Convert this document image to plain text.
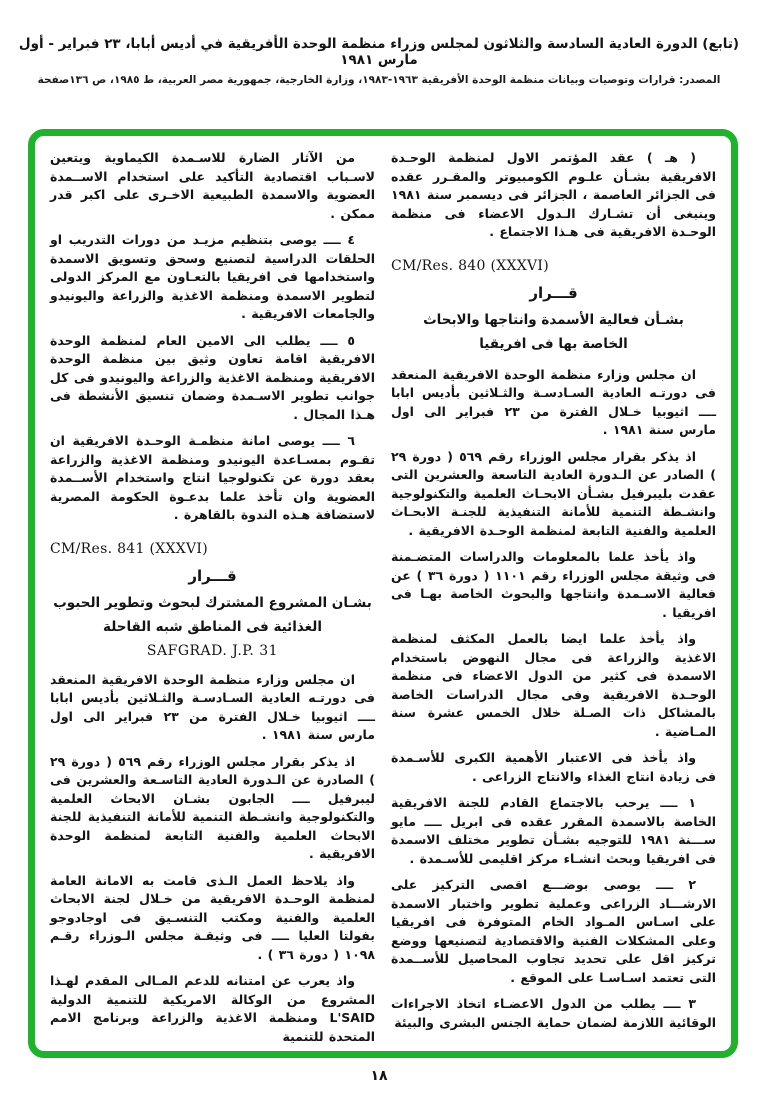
(تابع) الدورة العادية السادسة والثلاثون لمجلس وزراء منظمة الوحدة الأفريقية في أديس أبابا، ٢٣ فبراير - أول مارس ١٩٨١
المصدر: قرارات وتوصيات وبيانات منظمة الوحدة الأفريقية ١٩٦٣-١٩٨٣، وزارة الخارجية، جمهورية مصر العربية، ط ١٩٨٥، ص ١٣٦صفحة

( هـ ) عقد المؤتمر الاول لمنظمة الوحـدة الافريقية بشـأن علـوم الكومبيوتر والمقـرر عقده فى الجزائر العاصمة ، الجزائر فى ديسمبر سنة ١٩٨١ وينبغى أن تشـارك الـدول الاعضاء فى منظمة الوحـدة الافريقية فى هـذا الاجتماع .

CM/Res. 840 (XXXVI)
قـــرار
بشـأن فعالية الأسمدة وانتاجها والابحاث
الخاصة بها فى افريقيا

ان مجلس وزارء منظمة الوحدة الافريقية المنعقد فى دورتـه العادية السـادسـة والثـلاثين بأديس ابابا ــــ اثيوبيا خـلال الفترة من ٢٣ فبراير الى اول مارس سنة ١٩٨١ .

اذ يذكر بقرار مجلس الوزراء رقم ٥٦٩ ( دورة ٢٩ ) الصادر عن الـدورة العادية التاسعة والعشرين التى عقدت بليبرفيل بشـأن الابحـاث العلمية والتكنولوجية وانشـطة التنمية للأمانة التنفيذية للجنـة الابحـاث العلمية والفنية التابعة لمنظمة الوحـدة الافريقية .

واذ يأخذ علما بالمعلومات والدراسات المتضـمنة فى وثيقة مجلس الوزراء رقم ١١٠١ ( دورة ٣٦ ) عن فعالية الاسـمدة وانتاجها والبحوث الخاصة بهـا فى افريقيا .

واذ يأخذ علما ايضا بالعمل المكثف لمنظمة الاغذية والزراعة فى مجال النهوض باستخدام الاسمدة فى كثير من الدول الاعضاء فى منظمة الوحـدة الافريقية وفى مجال الدراسات الخاصة بالمشاكل ذات الصـلة خلال الخمس عشرة سنة المـاضية .

واذ يأخذ فى الاعتبار الأهمية الكبرى للأسـمدة فى زيادة انتاج الغذاء والانتاج الزراعى .

١ ــــ يرحب بالاجتماع القادم للجنة الافريقية الخاصة بالاسمدة المقرر عقده فى ابريل ــــ مايو ســـنة ١٩٨١ للتوجيه بشـأن تطوير مختلف الاسمدة فى افريقيا وبحث انشـاء مركز اقليمى للأسـمدة .

٢ ــــ يوصى بوضـــع اقصى التركيز على الارشـــاد الزراعى وعملية تطوير واختبار الاسمدة على اسـاس المـواد الخام المتوفرة فى افريقيا وعلى المشكلات الفنية والاقتصادية لتصنيعها ووضع تركيز اقل على تحديد تجاوب المحاصيل للأســمدة التى تعتمد اسـاسـا على الموقع .

٣ ــــ يطلب من الدول الاعضـاء اتخاذ الاجراءات الوقائية اللازمة لضمان حماية الجنس البشرى والبيئة

من الآثار الضارة للاسـمدة الكيماوية ويتعين لاسـباب اقتصادية التأكيد على استخدام الاســمدة العضوية والاسمدة الطبيعية الاخـرى على اكبر قدر ممكن .

٤ ــــ يوصى بتنظيم مزيـد من دورات التدريب او الحلقات الدراسية لتصنيع وسحق وتسويق الاسمدة واستخدامها فى افريقيا بالتعـاون مع المركز الدولى لتطوير الاسمدة ومنظمة الاغذية والزراعة واليونيدو والجامعات الافريقية .

٥ ــــ يطلب الى الامين العام لمنظمة الوحدة الافريقية اقامة تعاون وثيق بين منظمة الوحدة الافريقية ومنظمة الاغذية والزراعة واليونيدو فى كل جوانب تطوير الاسـمدة وضمان تنسيق الأنشطة فى هـذا المجال .

٦ ــــ يوصى امانة منظمـة الوحـدة الافريقية ان تقـوم بمسـاعدة اليونيدو ومنظمة الاغذية والزراعة بعقد دورة عن تكنولوجيا انتاج واستخدام الأســمدة العضوية وان تأخذ علما بدعـوة الحكومة المصرية لاستضافة هـذه الندوة بالقاهرة .

CM/Res. 841 (XXXVI)
قـــرار
بشـان المشروع المشترك لبحوث وتطوير الحبوب
الغذائية فى المناطق شبه القاحلة
SAFGRAD. J.P. 31

ان مجلس وزارء منظمة الوحدة الافريقية المنعقد فى دورتـه العادية السـادسـة والثـلاثين بأديس ابابا ــــ اثيوبيا خـلال الفترة من ٢٣ فبراير الى اول مارس سنة ١٩٨١ .

اذ يذكر بقرار مجلس الوزراء رقم ٥٦٩ ( دورة ٢٩ ) الصادرة عن الـدورة العادية التاسـعة والعشرين فى ليبرفيل ــــ الجابون بشـان الابحاث العلمية والتكنولوجية وانشـطة التنمية للأمانة التنفيذية للجنة الابحاث العلمية والفنية التابعة لمنظمة الوحدة الافريقية .

واذ يلاحظ العمل الـذى قامت به الامانة العامة لمنظمة الوحـدة الافريقية من خـلال لجنة الابحاث العلمية والفنية ومكتب التنسـيق فى اوجادوجو بفولتا العليا ــــ فى وثيقـة مجلس الـوزراء رقـم ١٠٩٨ ( دورة ٣٦ ) .

واذ يعرب عن امتنانه للدعم المـالى المقدم لهـذا المشروع من الوكالة الامريكية للتنمية الدولية L'SAID ومنظمة الاغذية والزراعة وبرنامج الامم المتحدة للتنمية

١٨
